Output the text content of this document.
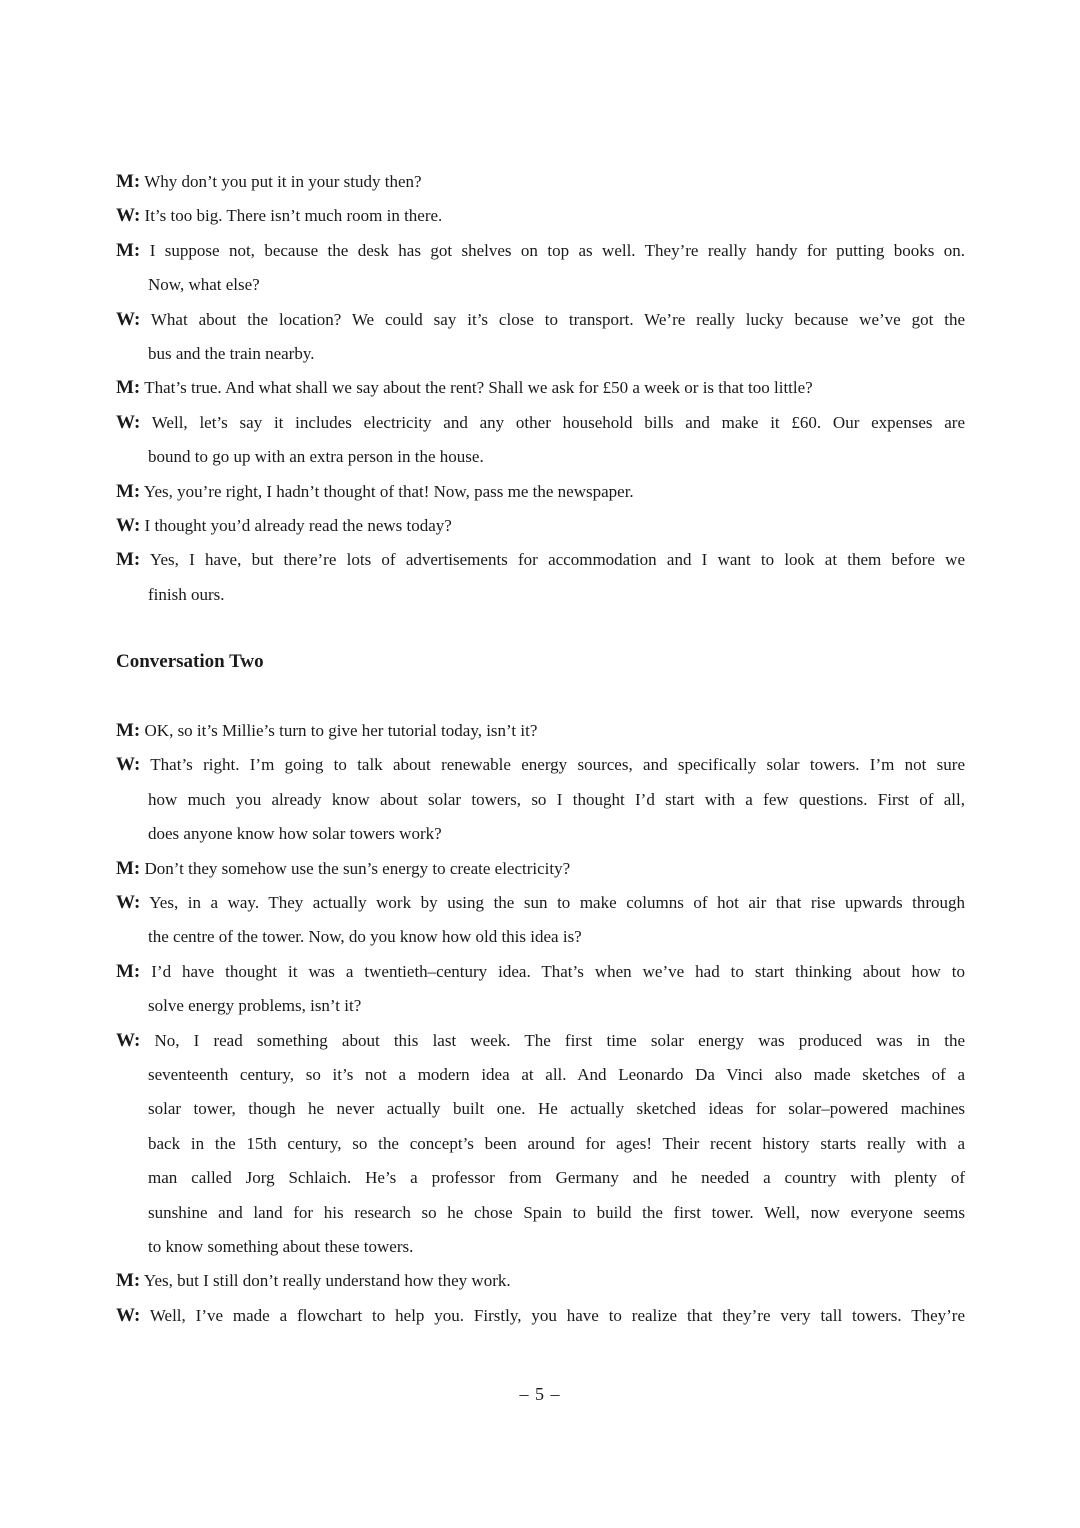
M: Why don’t you put it in your study then?
W: It’s too big. There isn’t much room in there.
M: I suppose not, because the desk has got shelves on top as well. They’re really handy for putting books on.
Now, what else?
W: What about the location? We could say it’s close to transport. We’re really lucky because we’ve got the
bus and the train nearby.
M: That’s true. And what shall we say about the rent? Shall we ask for £50 a week or is that too little?
W: Well, let’s say it includes electricity and any other household bills and make it £60. Our expenses are
bound to go up with an extra person in the house.
M: Yes, you’re right, I hadn’t thought of that! Now, pass me the newspaper.
W: I thought you’d already read the news today?
M: Yes, I have, but there’re lots of advertisements for accommodation and I want to look at them before we
finish ours.
Conversation Two
M: OK, so it’s Millie’s turn to give her tutorial today, isn’t it?
W: That’s right. I’m going to talk about renewable energy sources, and specifically solar towers. I’m not sure
how much you already know about solar towers, so I thought I’d start with a few questions. First of all,
does anyone know how solar towers work?
M: Don’t they somehow use the sun’s energy to create electricity?
W: Yes, in a way. They actually work by using the sun to make columns of hot air that rise upwards through
the centre of the tower. Now, do you know how old this idea is?
M: I’d have thought it was a twentieth–century idea. That’s when we’ve had to start thinking about how to
solve energy problems, isn’t it?
W: No, I read something about this last week. The first time solar energy was produced was in the
seventeenth century, so it’s not a modern idea at all. And Leonardo Da Vinci also made sketches of a
solar tower, though he never actually built one. He actually sketched ideas for solar–powered machines
back in the 15th century, so the concept’s been around for ages! Their recent history starts really with a
man called Jorg Schlaich. He’s a professor from Germany and he needed a country with plenty of
sunshine and land for his research so he chose Spain to build the first tower. Well, now everyone seems
to know something about these towers.
M: Yes, but I still don’t really understand how they work.
W: Well, I’ve made a flowchart to help you. Firstly, you have to realize that they’re very tall towers. They’re
– 5 –
